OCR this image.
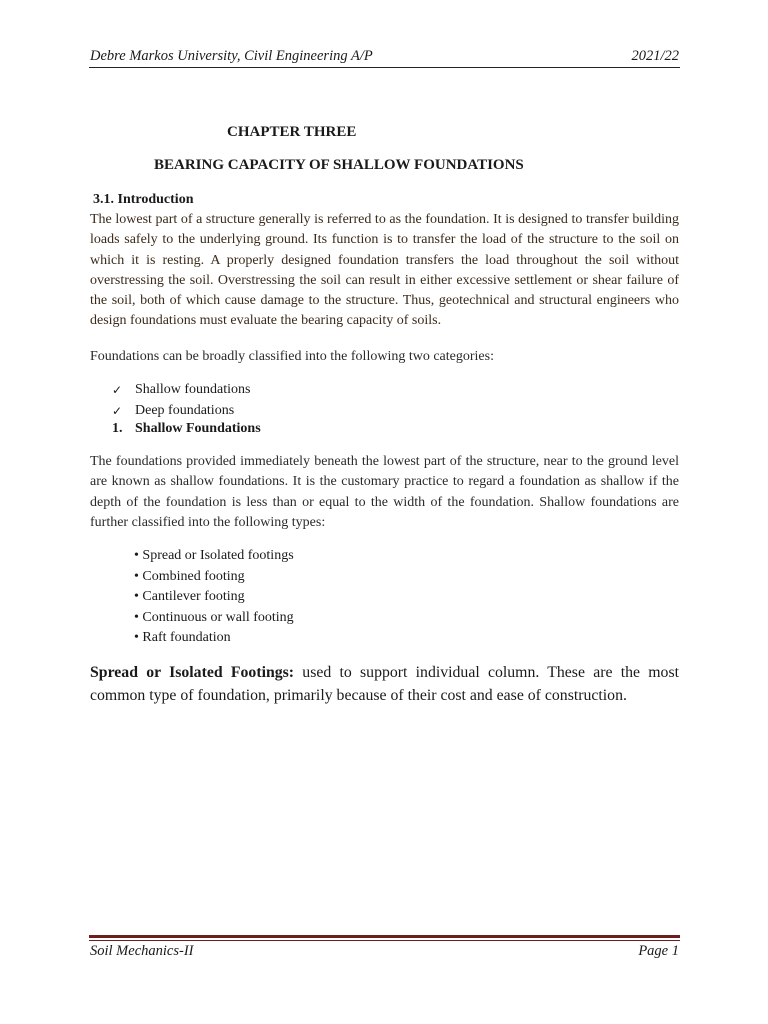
Debre Markos University, Civil Engineering A/P	2021/22
CHAPTER THREE
BEARING CAPACITY OF SHALLOW FOUNDATIONS
3.1. Introduction
The lowest part of a structure generally is referred to as the foundation. It is designed to transfer building loads safely to the underlying ground. Its function is to transfer the load of the structure to the soil on which it is resting. A properly designed foundation transfers the load throughout the soil without overstressing the soil. Overstressing the soil can result in either excessive settlement or shear failure of the soil, both of which cause damage to the structure. Thus, geotechnical and structural engineers who design foundations must evaluate the bearing capacity of soils.
Foundations can be broadly classified into the following two categories:
✓ Shallow foundations
✓ Deep foundations
1. Shallow Foundations
The foundations provided immediately beneath the lowest part of the structure, near to the ground level are known as shallow foundations. It is the customary practice to regard a foundation as shallow if the depth of the foundation is less than or equal to the width of the foundation. Shallow foundations are further classified into the following types:
• Spread or Isolated footings
• Combined footing
• Cantilever footing
• Continuous or wall footing
• Raft foundation
Spread or Isolated Footings: used to support individual column. These are the most common type of foundation, primarily because of their cost and ease of construction.
Soil Mechanics-II	Page 1
